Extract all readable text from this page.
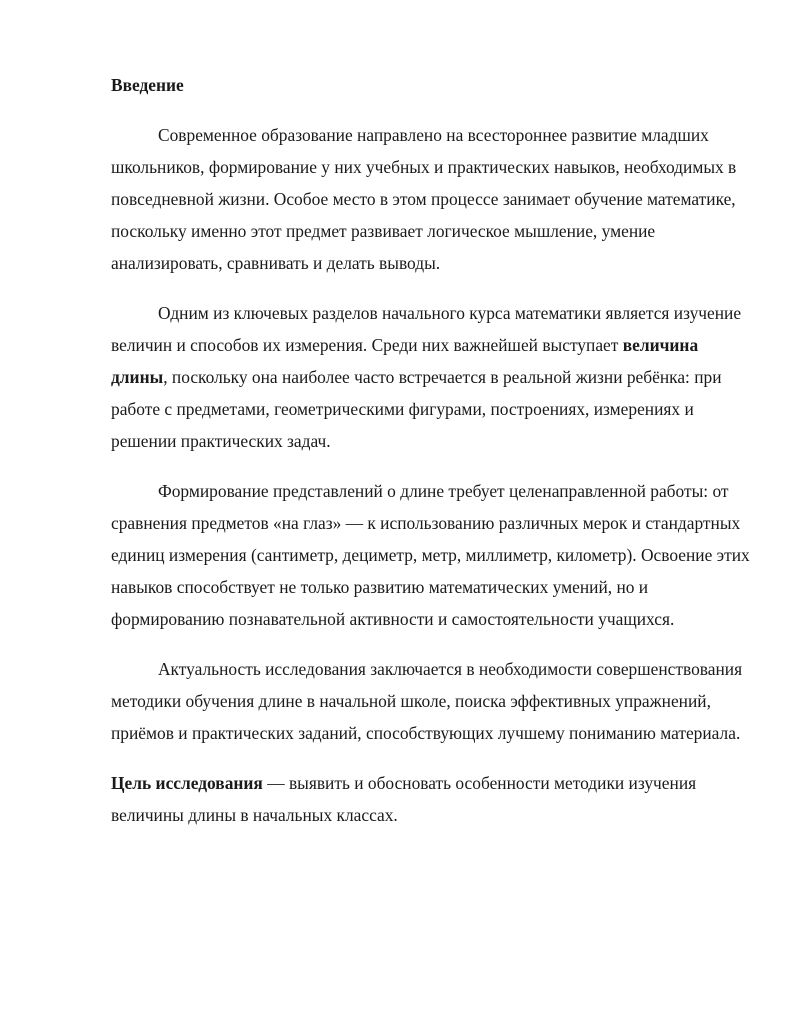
Введение

Современное образование направлено на всестороннее развитие младших школьников, формирование у них учебных и практических навыков, необходимых в повседневной жизни. Особое место в этом процессе занимает обучение математике, поскольку именно этот предмет развивает логическое мышление, умение анализировать, сравнивать и делать выводы.

Одним из ключевых разделов начального курса математики является изучение величин и способов их измерения. Среди них важнейшей выступает величина длины, поскольку она наиболее часто встречается в реальной жизни ребёнка: при работе с предметами, геометрическими фигурами, построениях, измерениях и решении практических задач.

Формирование представлений о длине требует целенаправленной работы: от сравнения предметов «на глаз» — к использованию различных мерок и стандартных единиц измерения (сантиметр, дециметр, метр, миллиметр, километр). Освоение этих навыков способствует не только развитию математических умений, но и формированию познавательной активности и самостоятельности учащихся.

Актуальность исследования заключается в необходимости совершенствования методики обучения длине в начальной школе, поиска эффективных упражнений, приёмов и практических заданий, способствующих лучшему пониманию материала.

Цель исследования — выявить и обосновать особенности методики изучения величины длины в начальных классах.
